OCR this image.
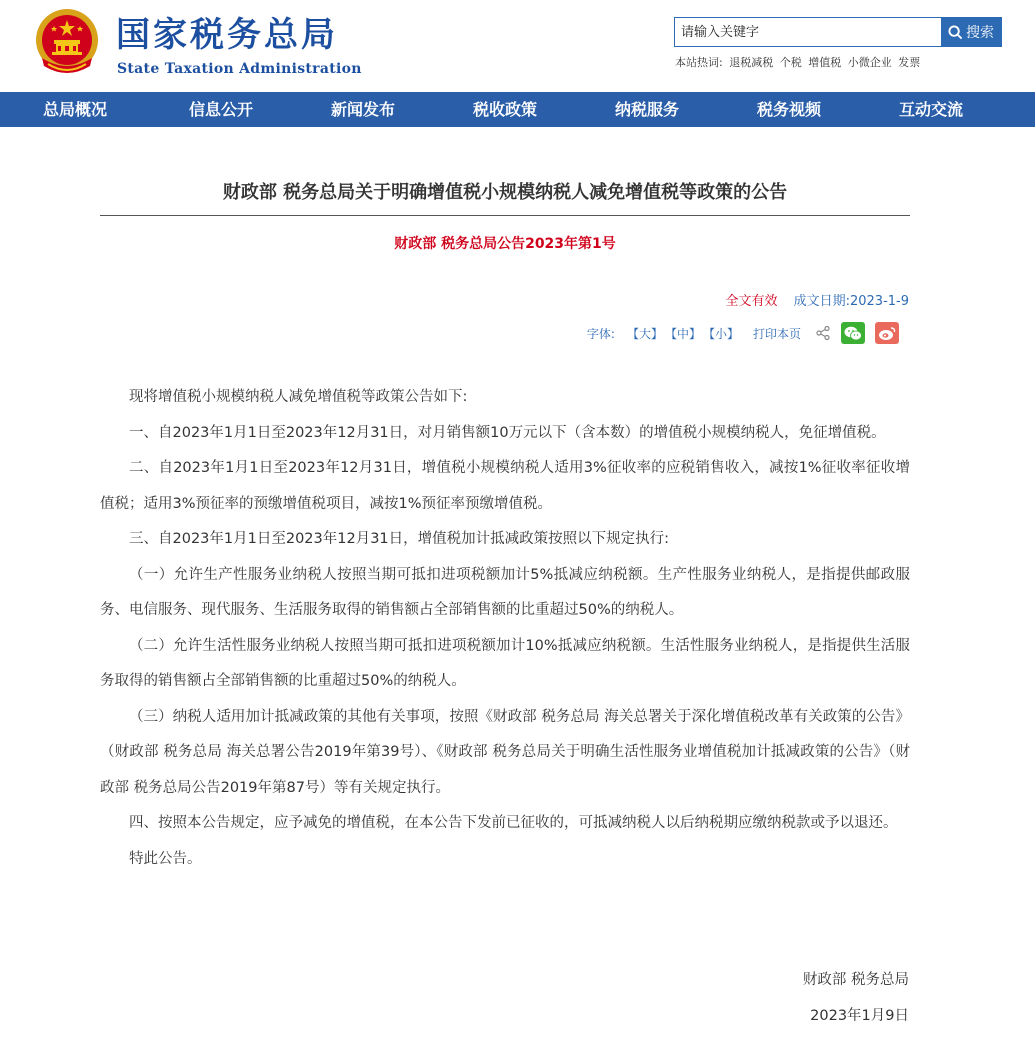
国家税务总局
State Taxation Administration
请输入关键字
搜索
本站热词: 退税减税 个税 增值税 小微企业 发票
总局概况	信息公开	新闻发布	税收政策	纳税服务	税务视频	互动交流
财政部 税务总局关于明确增值税小规模纳税人减免增值税等政策的公告
财政部 税务总局公告2023年第1号
全文有效 成文日期:2023-1-9
字体: 【大】 【中】 【小】 打印本页

现将增值税小规模纳税人减免增值税等政策公告如下:

一、自2023年1月1日至2023年12月31日，对月销售额10万元以下（含本数）的增值税小规模纳税人，免征增值税。

二、自2023年1月1日至2023年12月31日，增值税小规模纳税人适用3%征收率的应税销售收入，减按1%征收率征收增值税；适用3%预征率的预缴增值税项目，减按1%预征率预缴增值税。

三、自2023年1月1日至2023年12月31日，增值税加计抵减政策按照以下规定执行:

（一）允许生产性服务业纳税人按照当期可抵扣进项税额加计5%抵减应纳税额。生产性服务业纳税人，是指提供邮政服务、电信服务、现代服务、生活服务取得的销售额占全部销售额的比重超过50%的纳税人。

（二）允许生活性服务业纳税人按照当期可抵扣进项税额加计10%抵减应纳税额。生活性服务业纳税人，是指提供生活服务取得的销售额占全部销售额的比重超过50%的纳税人。

（三）纳税人适用加计抵减政策的其他有关事项，按照《财政部 税务总局 海关总署关于深化增值税改革有关政策的公告》（财政部 税务总局 海关总署公告2019年第39号）、《财政部 税务总局关于明确生活性服务业增值税加计抵减政策的公告》（财政部 税务总局公告2019年第87号）等有关规定执行。

四、按照本公告规定，应予减免的增值税，在本公告下发前已征收的，可抵减纳税人以后纳税期应缴纳税款或予以退还。

特此公告。

财政部 税务总局
2023年1月9日
